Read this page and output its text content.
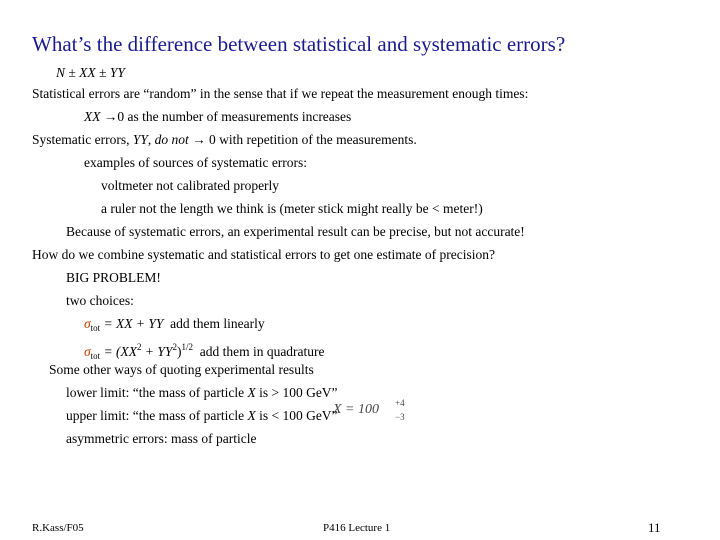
What’s the difference between statistical and systematic errors?
N ± XX ± YY
Statistical errors are “random” in the sense that if we repeat the measurement enough times:
XX →0 as the number of measurements increases
Systematic errors, YY, do not → 0 with repetition of the measurements.
examples of sources of systematic errors:
voltmeter not calibrated properly
a ruler not the length we think is (meter stick might really be < meter!)
Because of systematic errors, an experimental result can be precise, but not accurate!
How do we combine systematic and statistical errors to get one estimate of precision?
BIG PROBLEM!
two choices:
$\sigma_{tot}$ = XX + YY add them linearly
$\sigma_{tot} = (XX^2 + YY^2)^{1/2}$ add them in quadrature
Some other ways of quoting experimental results
lower limit: “the mass of particle X is > 100 GeV”
upper limit: “the mass of particle X is < 100 GeV”
X = 100 +4
−3
asymmetric errors: mass of particle
R.Kass/F05	P416 Lecture 1	11
